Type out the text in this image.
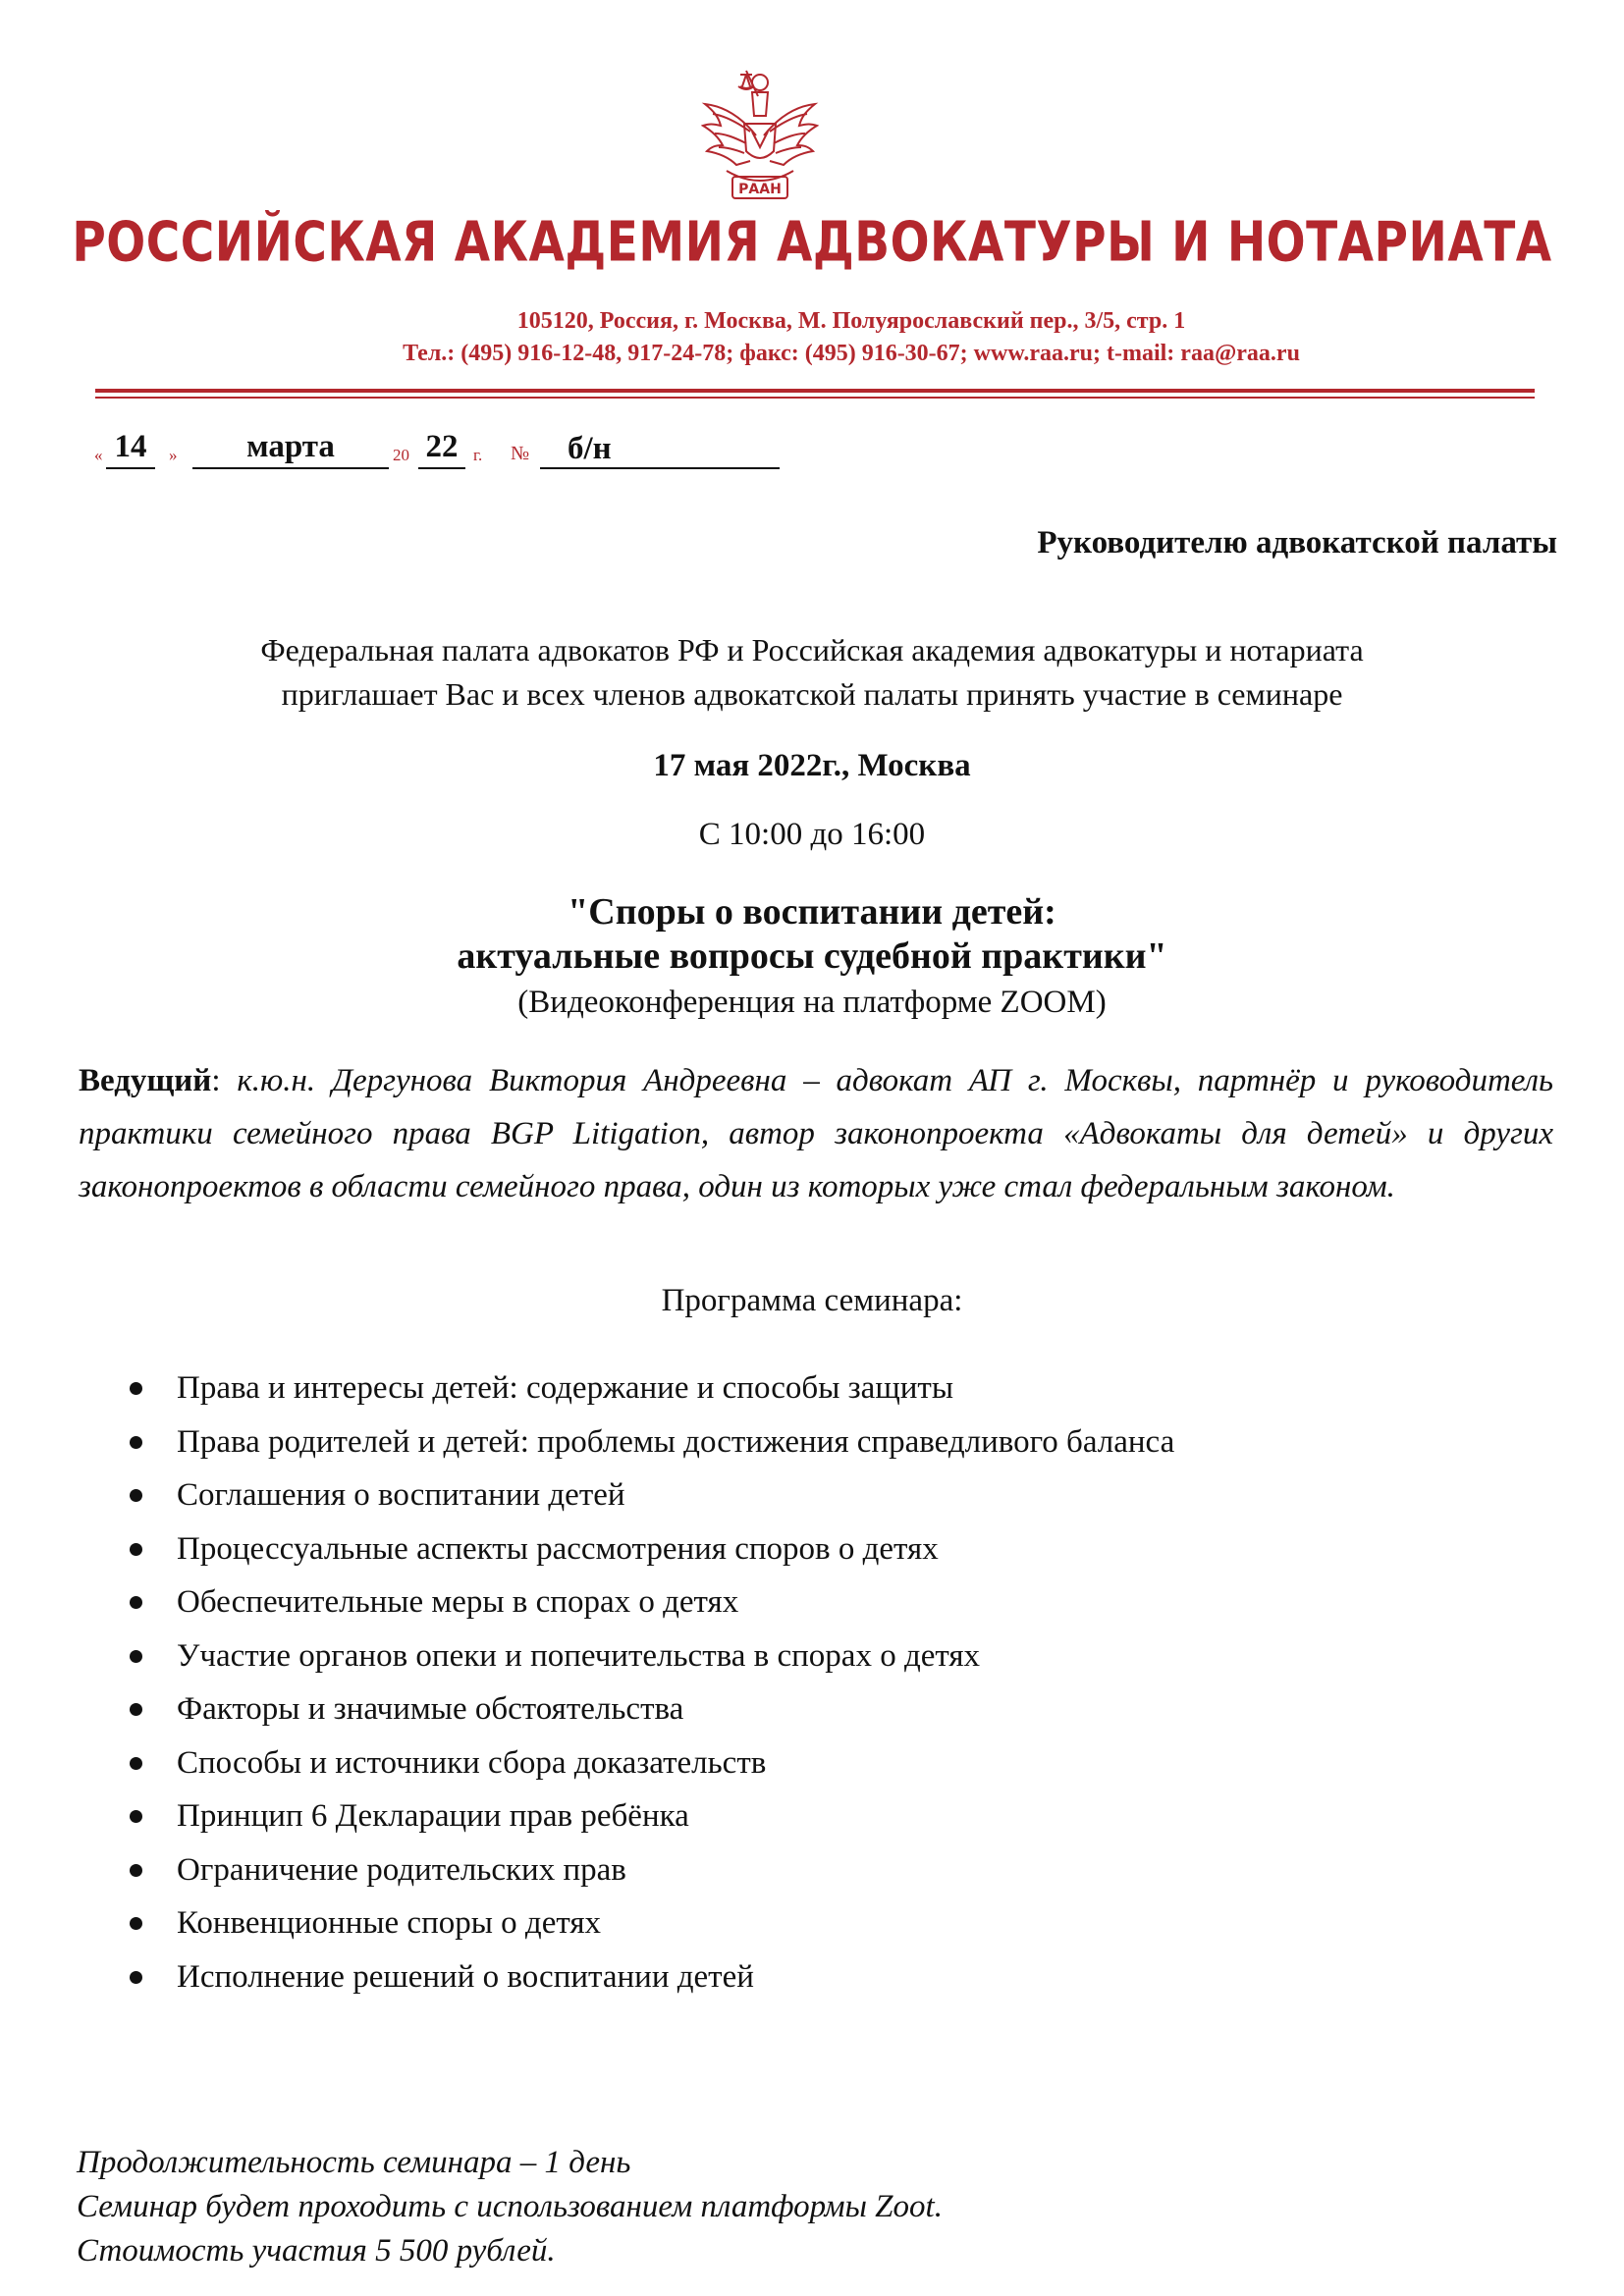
РААН
РОССИЙСКАЯ АКАДЕМИЯ АДВОКАТУРЫ И НОТАРИАТА
105120, Россия, г. Москва, М. Полуярославский пер., 3/5, стр. 1
Тел.: (495) 916-12-48, 917-24-78; факс: (495) 916-30-67; www.raa.ru; t-mail: raa@raa.ru
« 14	»	марта	20 22 г. №	б/н
Руководителю адвокатской палаты
Федеральная палата адвокатов РФ и Российская академия адвокатуры и нотариата
приглашает Вас и всех членов адвокатской палаты принять участие в семинаре
17 мая 2022г., Москва
С 10:00 до 16:00
"Споры о воспитании детей:
актуальные вопросы судебной практики"
(Видеоконференция на платформе ZOOM)
Ведущий: к.ю.н. Дергунова Виктория Андреевна – адвокат АП г. Москвы, партнёр и руководитель практики семейного права BGP Litigation, автор законопроекта «Адвокаты для детей» и других законопроектов в области семейного права, один из которых уже стал федеральным законом.
Программа семинара:
Права и интересы детей: содержание и способы защиты
Права родителей и детей: проблемы достижения справедливого баланса
Соглашения о воспитании детей
Процессуальные аспекты рассмотрения споров о детях
Обеспечительные меры в спорах о детях
Участие органов опеки и попечительства в спорах о детях
Факторы и значимые обстоятельства
Способы и источники сбора доказательств
Принцип 6 Декларации прав ребёнка
Ограничение родительских прав
Конвенционные споры о детях
Исполнение решений о воспитании детей
Продолжительность семинара – 1 день
Семинар будет проходить с использованием платформы Zoot.
Стоимость участия 5 500 рублей.
